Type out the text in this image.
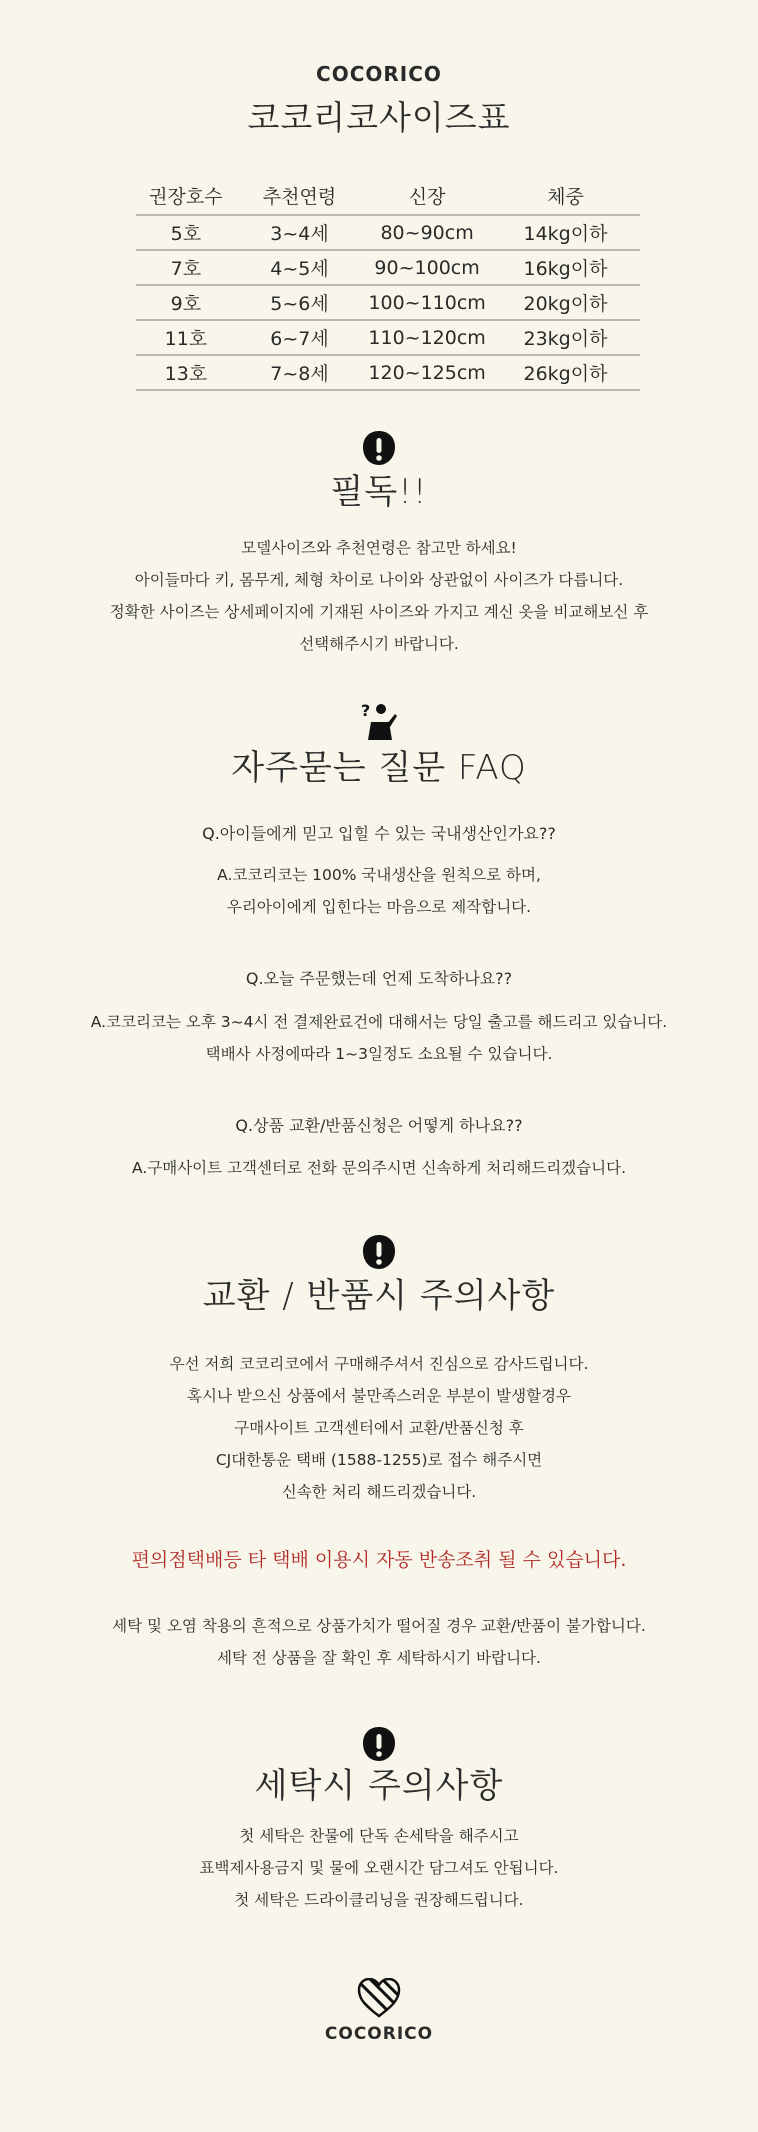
COCORICO
코코리코사이즈표
권장호수	추천연령	신장	체중
5호	3~4세	80~90cm	14kg이하
7호	4~5세	90~100cm	16kg이하
9호	5~6세	100~110cm	20kg이하
11호	6~7세	110~120cm	23kg이하
13호	7~8세	120~125cm	26kg이하
필독!!
모델사이즈와 추천연령은 참고만 하세요!
아이들마다 키, 몸무게, 체형 차이로 나이와 상관없이 사이즈가 다릅니다.
정확한 사이즈는 상세페이지에 기재된 사이즈와 가지고 계신 옷을 비교해보신 후
선택해주시기 바랍니다.
?
자주묻는 질문 FAQ
Q.아이들에게 믿고 입힐 수 있는 국내생산인가요??
A.코코리코는 100% 국내생산을 원칙으로 하며,
우리아이에게 입힌다는 마음으로 제작합니다.
Q.오늘 주문했는데 언제 도착하나요??
A.코코리코는 오후 3~4시 전 결제완료건에 대해서는 당일 출고를 해드리고 있습니다.
택배사 사정에따라 1~3일정도 소요될 수 있습니다.
Q.상품 교환/반품신청은 어떻게 하나요??
A.구매사이트 고객센터로 전화 문의주시면 신속하게 처리해드리겠습니다.
교환 / 반품시 주의사항
우선 저희 코코리코에서 구매해주셔서 진심으로 감사드립니다.
혹시나 받으신 상품에서 불만족스러운 부분이 발생할경우
구매사이트 고객센터에서 교환/반품신청 후
CJ대한통운 택배 (1588-1255)로 접수 해주시면
신속한 처리 해드리겠습니다.
편의점택배등 타 택배 이용시 자동 반송조취 될 수 있습니다.
세탁 및 오염 착용의 흔적으로 상품가치가 떨어질 경우 교환/반품이 불가합니다.
세탁 전 상품을 잘 확인 후 세탁하시기 바랍니다.
세탁시 주의사항
첫 세탁은 찬물에 단독 손세탁을 해주시고
표백제사용금지 및 물에 오랜시간 담그셔도 안됩니다.
첫 세탁은 드라이클리닝을 권장해드립니다.
COCORICO
